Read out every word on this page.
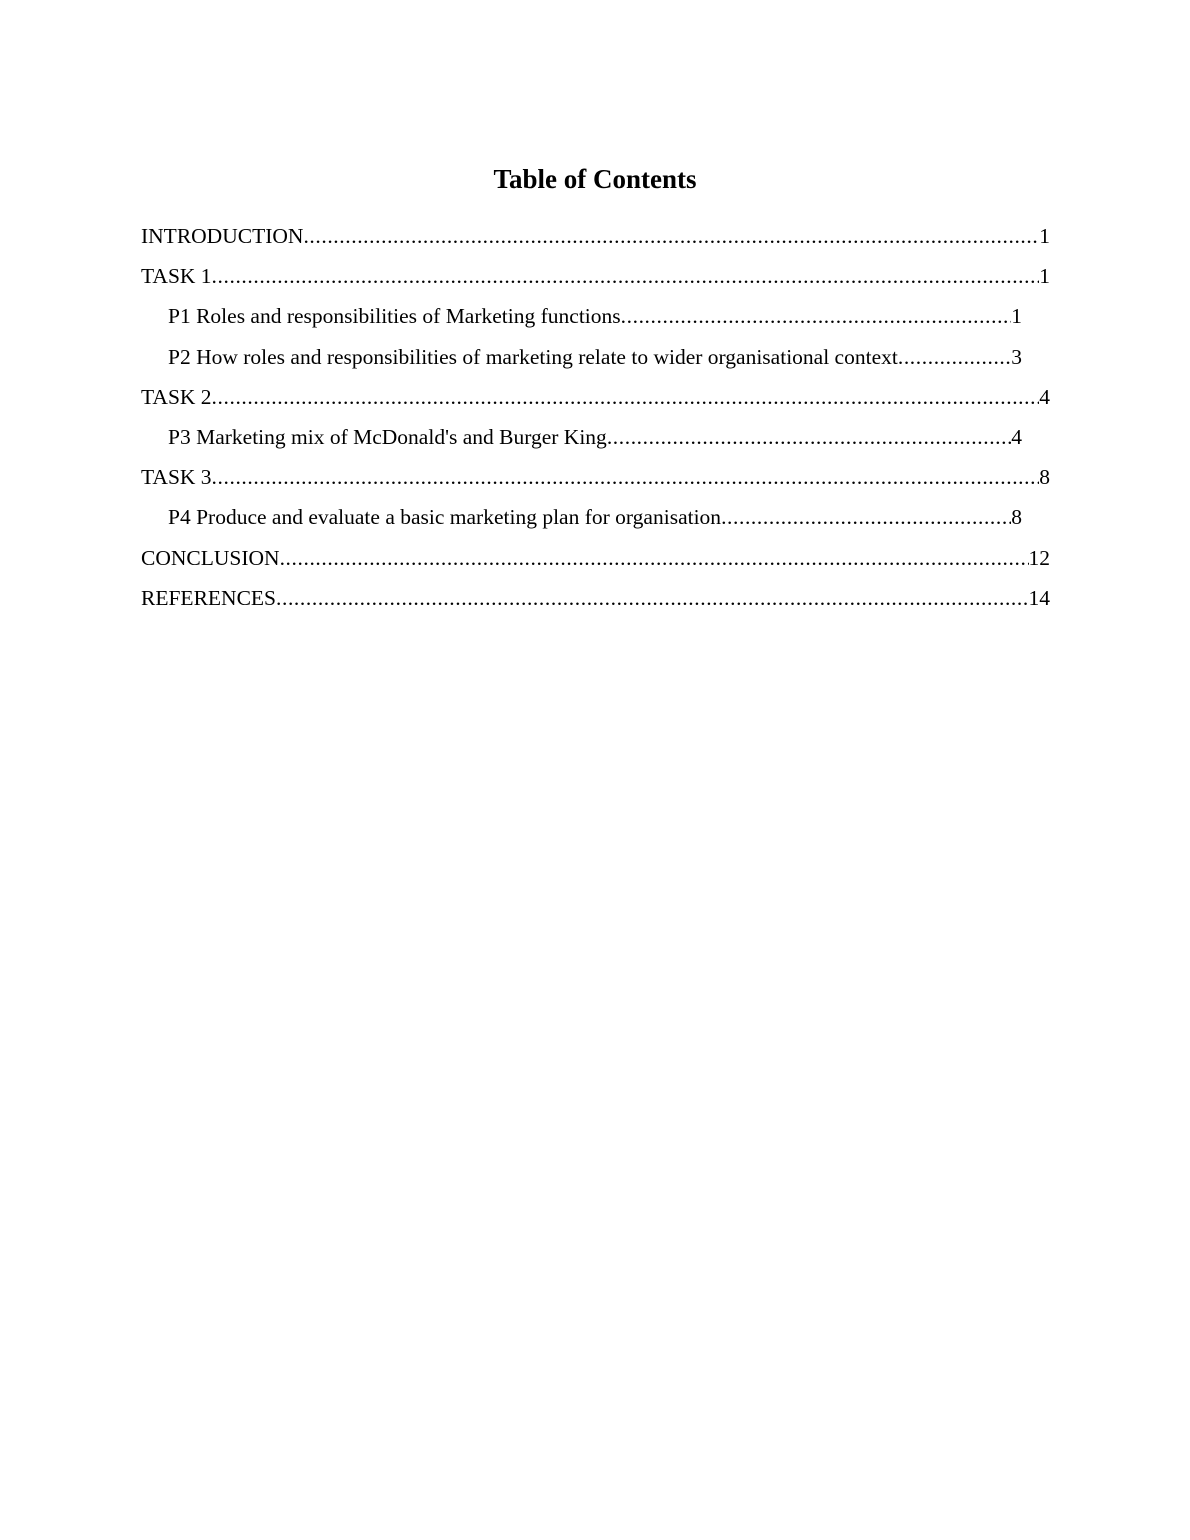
Table of Contents
INTRODUCTION .....	1
TASK 1 .....	1
P1 Roles and responsibilities of Marketing functions .....	1
P2 How roles and responsibilities of marketing relate to wider organisational context .....	3
TASK 2 .....	4
P3 Marketing mix of McDonald's and Burger King .....	4
TASK 3 .....	8
P4 Produce and evaluate a basic marketing plan for organisation .....	8
CONCLUSION .....	12
REFERENCES .....	14
